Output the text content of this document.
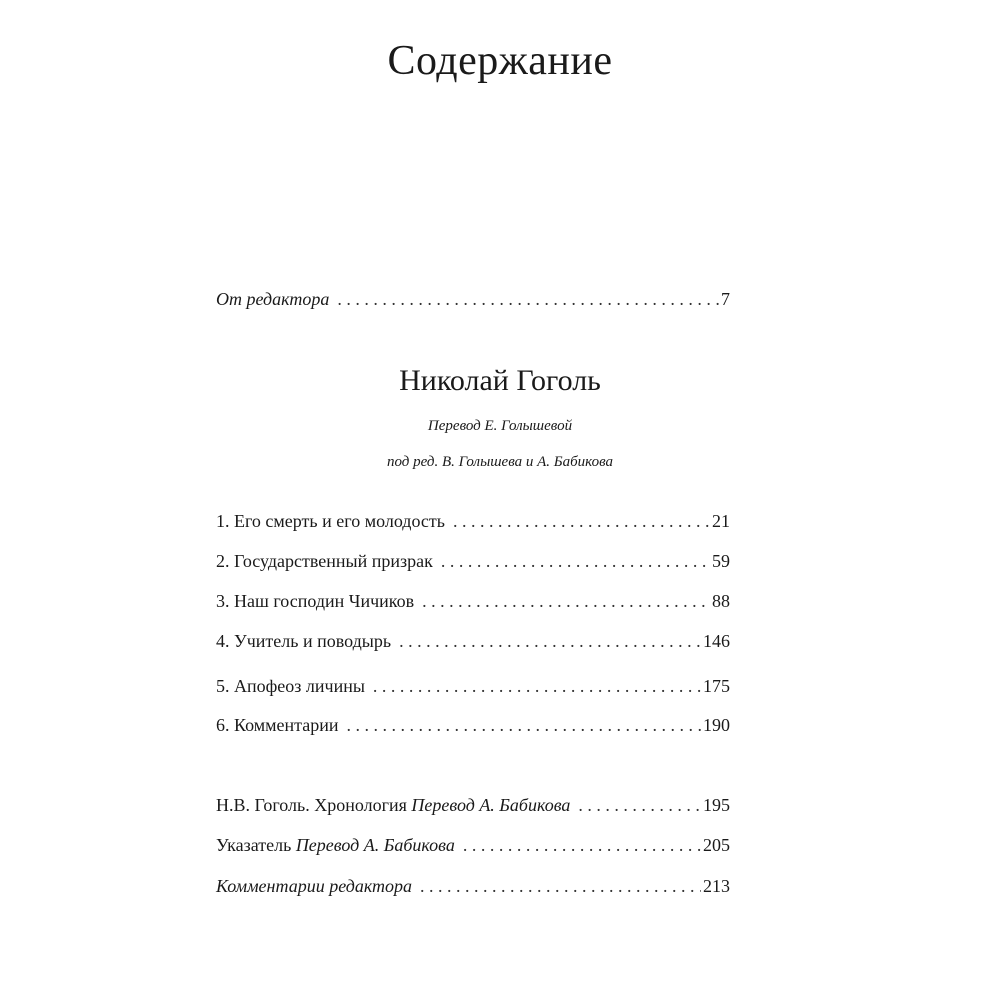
Содержание
От редактора . . .	7
Николай Гоголь
Перевод Е. Голышевой
под ред. В. Голышева и А. Бабикова
1. Его смерть и его молодость . . .	21
2. Государственный призрак . . .	59
3. Наш господин Чичиков . . .	88
4. Учитель и поводырь . . .	146
5. Апофеоз личины . . .	175
6. Комментарии . . .	190
Н.В. Гоголь. Хронология Перевод А. Бабикова . . .	195
Указатель Перевод А. Бабикова . . .	205
Комментарии редактора . . .	213
